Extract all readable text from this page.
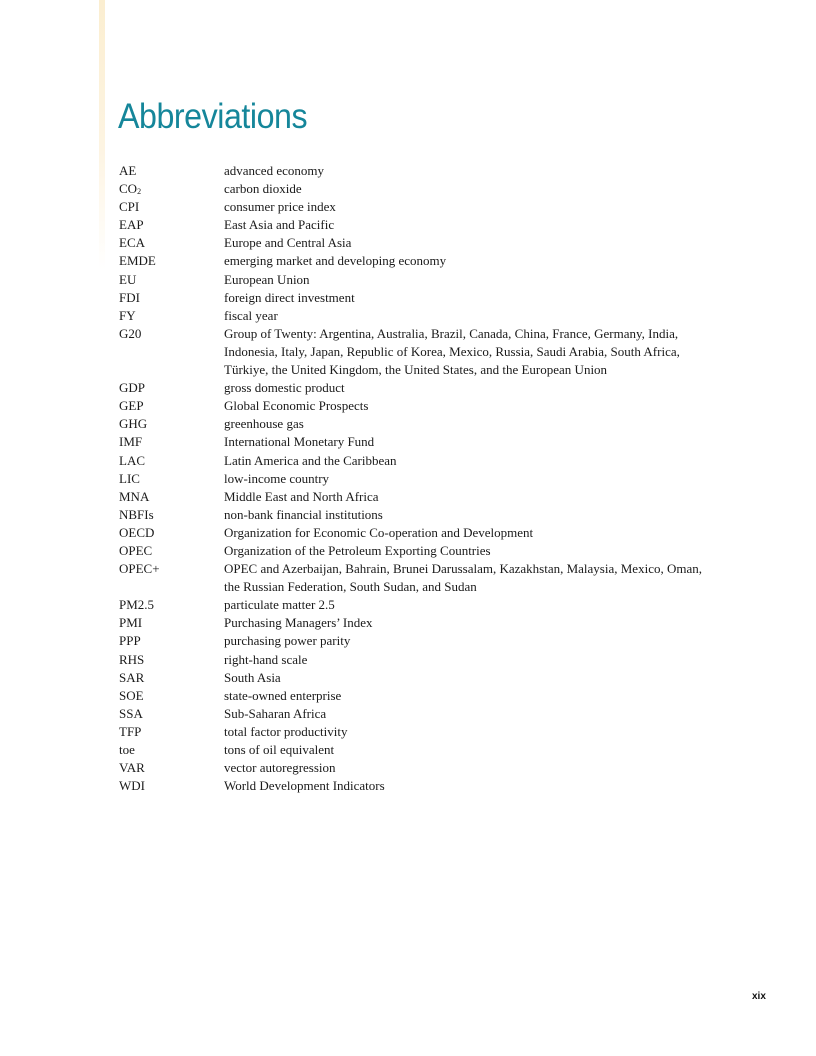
Abbreviations
AE	advanced economy
$CO_2$	carbon dioxide
CPI	consumer price index
EAP	East Asia and Pacific
ECA	Europe and Central Asia
EMDE	emerging market and developing economy
EU	European Union
FDI	foreign direct investment
FY	fiscal year
G20	Group of Twenty: Argentina, Australia, Brazil, Canada, China, France, Germany, India, Indonesia, Italy, Japan, Republic of Korea, Mexico, Russia, Saudi Arabia, South Africa, Türkiye, the United Kingdom, the United States, and the European Union
GDP	gross domestic product
GEP	Global Economic Prospects
GHG	greenhouse gas
IMF	International Monetary Fund
LAC	Latin America and the Caribbean
LIC	low-income country
MNA	Middle East and North Africa
NBFIs	non-bank financial institutions
OECD	Organization for Economic Co-operation and Development
OPEC	Organization of the Petroleum Exporting Countries
OPEC+	OPEC and Azerbaijan, Bahrain, Brunei Darussalam, Kazakhstan, Malaysia, Mexico, Oman, the Russian Federation, South Sudan, and Sudan
PM2.5	particulate matter 2.5
PMI	Purchasing Managers’ Index
PPP	purchasing power parity
RHS	right-hand scale
SAR	South Asia
SOE	state-owned enterprise
SSA	Sub-Saharan Africa
TFP	total factor productivity
toe	tons of oil equivalent
VAR	vector autoregression
WDI	World Development Indicators
xix
